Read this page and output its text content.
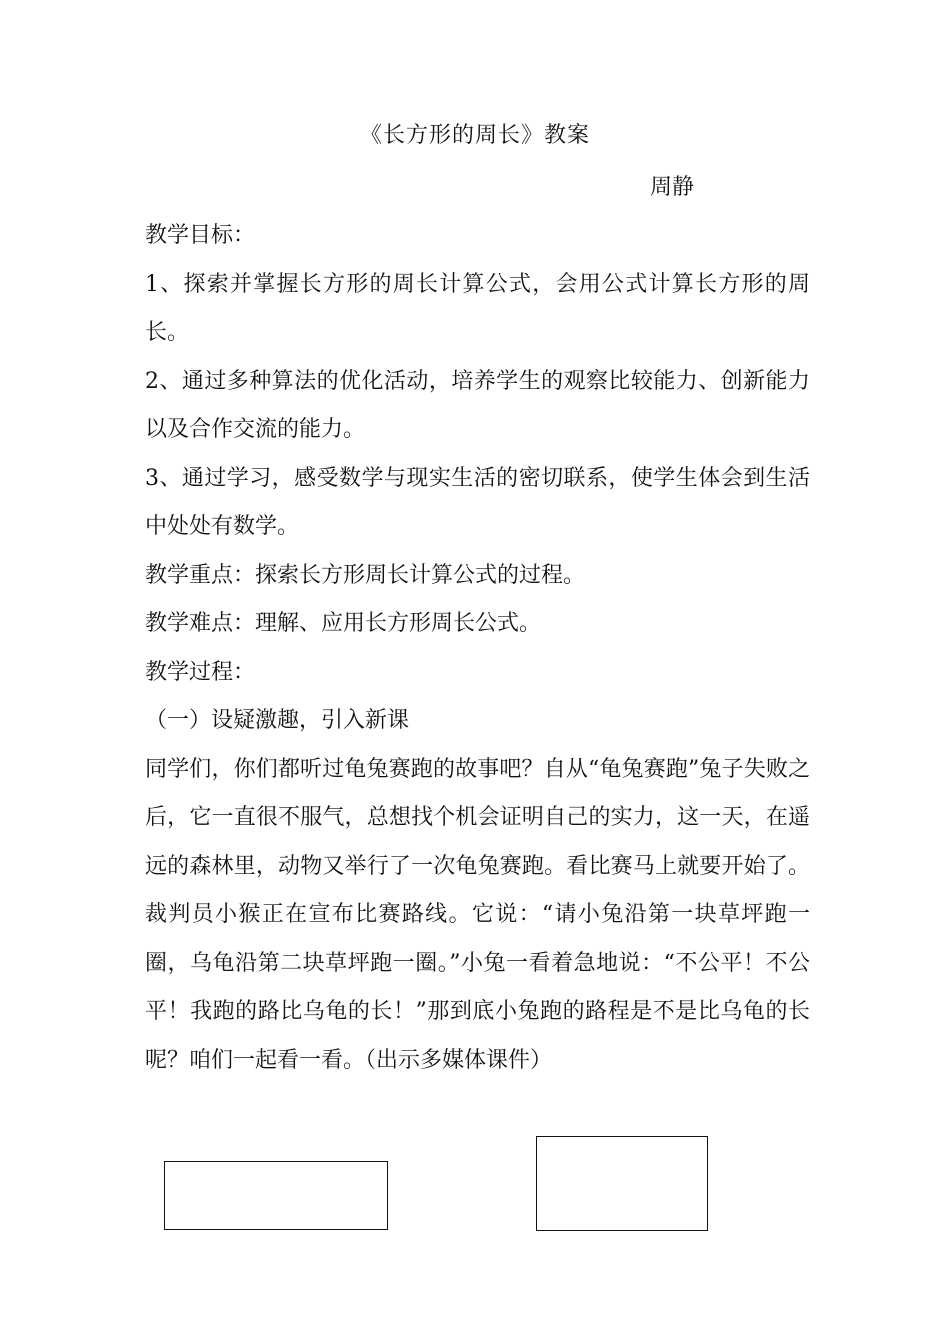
《长方形的周长》教案
周静

教学目标：

1、探索并掌握长方形的周长计算公式，会用公式计算长方形的周长。

2、通过多种算法的优化活动，培养学生的观察比较能力、创新能力以及合作交流的能力。

3、通过学习，感受数学与现实生活的密切联系，使学生体会到生活中处处有数学。

教学重点：探索长方形周长计算公式的过程。

教学难点：理解、应用长方形周长公式。

教学过程：

（一）设疑激趣，引入新课

同学们，你们都听过龟兔赛跑的故事吧？自从“龟兔赛跑”兔子失败之后，它一直很不服气，总想找个机会证明自己的实力，这一天，在遥远的森林里，动物又举行了一次龟兔赛跑。看比赛马上就要开始了。裁判员小猴正在宣布比赛路线。它说：“请小兔沿第一块草坪跑一圈，乌龟沿第二块草坪跑一圈。”小兔一看着急地说：“不公平！不公平！我跑的路比乌龟的长！”那到底小兔跑的路程是不是比乌龟的长呢？咱们一起看一看。（出示多媒体课件）
